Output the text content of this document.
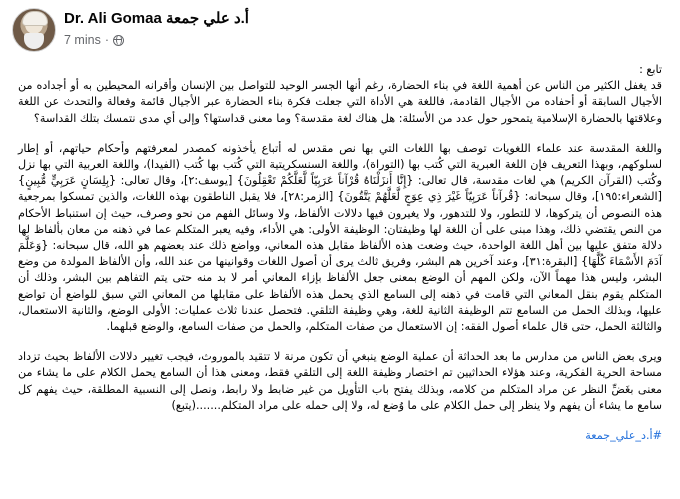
Dr. Ali Gomaa أ.د علي جمعة
7 mins ·

تابع :

قد يغفل الكثير من الناس عن أهمية اللغة في بناء الحضارة، رغم أنها الجسر الوحيد للتواصل بين الإنسان وأقرانه المحيطين به أو أجداده من الأجيال السابقة أو أحفاده من الأجيال القادمة، فاللغة هي الأداة التي جعلت فكرة بناء الحضارة عبر الأجيال قائمة وفعالة والتحدث عن اللغة وعلاقتها بالحضارة الإسلامية يتمحور حول عدد من الأسئلة: هل هناك لغة مقدسة؟ وما معنى قداستها؟ وإلى أي مدى نتمسك بتلك القداسة؟

واللغة المقدسة عند علماء اللغويات توصف بها اللغات التي بها نص مقدس له أتباع يأخذونه كمصدر لمعرفتهم وأحكام حياتهم، أو إطار لسلوكهم، وبهذا التعريف فإن اللغة العبرية التي كُتب بها (التوراة)، واللغة السنسكريتية التي كُتب بها كُتب (الفيدا)، واللغة العربية التي بها نزل وكُتب (القرآن الكريم) هي لغات مقدسة، قال تعالى: {إِنَّا أَنزَلْنَاهُ قُرْآناً عَرَبِيّاً لَّعَلَّكُمْ تَعْقِلُونَ} [يوسف:٢]، وقال تعالى: {بِلِسَانٍ عَرَبِيٍّ مُّبِينٍ} [الشعراء:١٩٥]، وقال سبحانه: {قُرآناً عَرَبِيّاً غَيْرَ ذِي عِوَجٍ لَّعَلَّهُمْ يَتَّقُونَ} [الزمر:٢٨]، فلا يقبل الناطقون بهذه اللغات، والذين تمسكوا بمرجعية هذه النصوص أن يتركوها، لا للتطور، ولا للتدهور، ولا يغيرون فيها دلالات الألفاظ، ولا وسائل الفهم من نحو وصرف، حيث إن استنباط الأحكام من النص يقتضي ذلك، وهذا مبنى على أن اللغة لها وظيفتان: الوظيفة الأولى: هي الأداء، وفيه يعبر المتكلم عما في ذهنه من معان بألفاظ لها دلالة متفق عليها بين أهل اللغة الواحدة، حيث وضعت هذه الألفاظ مقابل هذه المعاني، وواضع ذلك عند بعضهم هو الله، قال سبحانه: {وَعَلَّمَ آدَمَ الأَسْمَاءَ كُلَّهَا} [البقرة:٣١]، وعند آخرين هم البشر، وفريق ثالث يرى أن أصول اللغات وقوانينها من عند الله، وأن الألفاظ المولدة من وضع البشر، وليس هذا مهماً الآن، ولكن المهم أن الوضع بمعنى جعل الألفاظ بإزاء المعاني أمر لا بد منه حتى يتم التفاهم بين البشر، وذلك أن المتكلم يقوم بنقل المعاني التي قامت في ذهنه إلى السامع الذي يحمل هذه الألفاظ على مقابلها من المعاني التي سبق للواضع أن تواضع عليها، وبذلك الحمل من السامع تتم الوظيفة الثانية للغة، وهي وظيفة التلقي. فتحصل عندنا ثلاث عمليات: الأولى الوضع، والثانية الاستعمال، والثالثة الحمل، حتى قال علماء أصول الفقه: إن الاستعمال من صفات المتكلم، والحمل من صفات السامع، والوضع قبلهما.

ويرى بعض الناس من مدارس ما بعد الحداثة أن عملية الوضع ينبغي أن تكون مرنة لا تتقيد بالموروث، فيجب تغيير دلالات الألفاظ بحيث تزداد مساحة الحرية الفكرية، وعند هؤلاء الحداثيين تم اختصار وظيفة اللغة إلى التلقي فقط، ومعنى هذا أن السامع يحمل الكلام على ما يشاء من معنى بغَضِّ النظر عن مراد المتكلم من كلامه، وبذلك يفتح باب التأويل من غير ضابط ولا رابط، ونصل إلى النسبية المطلقة، حيث يفهم كل سامع ما يشاء أن يفهم ولا ينظر إلى حمل الكلام على ما وُضع له، ولا إلى حمله على مراد المتكلم.......(يتبع)

#أ.د_علي_جمعة
